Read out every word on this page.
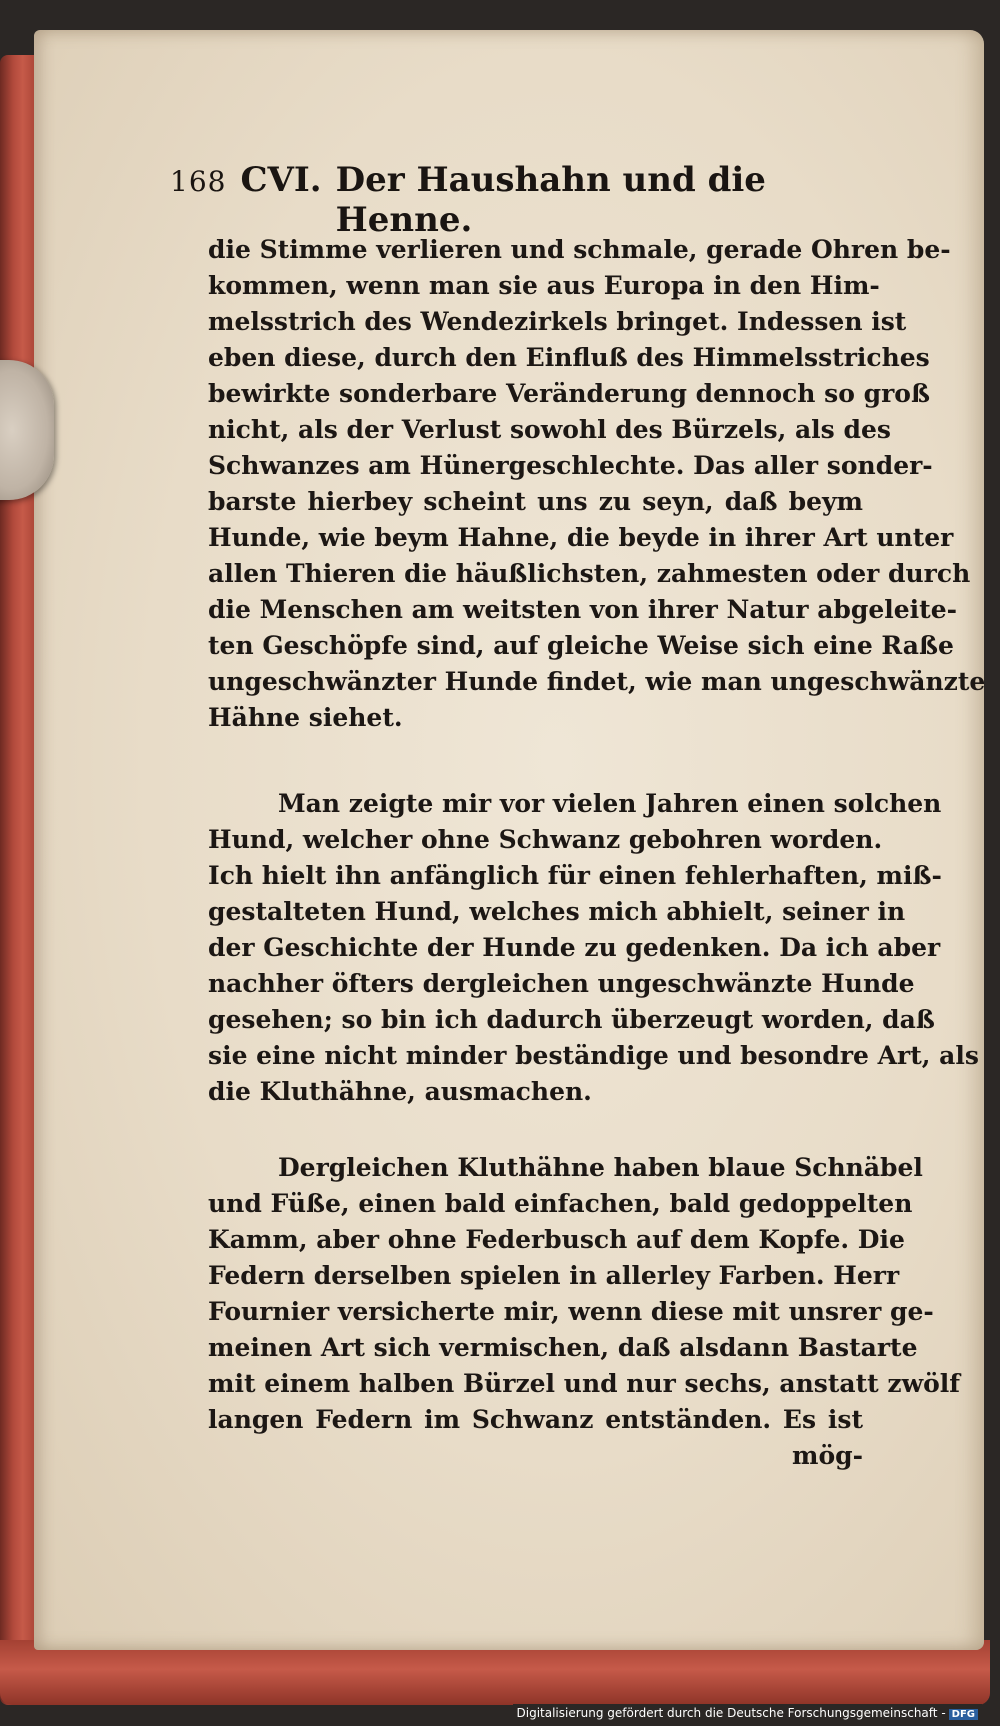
168 CVI. Der Haushahn und die Henne.
die Stimme verlieren und schmale, gerade Ohren be-
kommen, wenn man sie aus Europa in den Him-
melsstrich des Wendezirkels bringet. Indessen ist
eben diese, durch den Einfluß des Himmelsstriches
bewirkte sonderbare Veränderung dennoch so groß
nicht, als der Verlust sowohl des Bürzels, als des
Schwanzes am Hünergeschlechte. Das aller sonder-
barste hierbey scheint uns zu seyn, daß beym
Hunde, wie beym Hahne, die beyde in ihrer Art unter
allen Thieren die häußlichsten, zahmesten oder durch
die Menschen am weitsten von ihrer Natur abgeleite-
ten Geschöpfe sind, auf gleiche Weise sich eine Raße
ungeschwänzter Hunde findet, wie man ungeschwänzte
Hähne siehet.
Man zeigte mir vor vielen Jahren einen solchen
Hund, welcher ohne Schwanz gebohren worden.
Ich hielt ihn anfänglich für einen fehlerhaften, miß-
gestalteten Hund, welches mich abhielt, seiner in
der Geschichte der Hunde zu gedenken. Da ich aber
nachher öfters dergleichen ungeschwänzte Hunde
gesehen; so bin ich dadurch überzeugt worden, daß
sie eine nicht minder beständige und besondre Art, als
die Kluthähne, ausmachen.
Dergleichen Kluthähne haben blaue Schnäbel
und Füße, einen bald einfachen, bald gedoppelten
Kamm, aber ohne Federbusch auf dem Kopfe. Die
Federn derselben spielen in allerley Farben. Herr
Fournier versicherte mir, wenn diese mit unsrer ge-
meinen Art sich vermischen, daß alsdann Bastarte
mit einem halben Bürzel und nur sechs, anstatt zwölf
langen Federn im Schwanz entständen. Es ist
mög-
Digitalisierung gefördert durch die Deutsche Forschungsgemeinschaft - DFG
